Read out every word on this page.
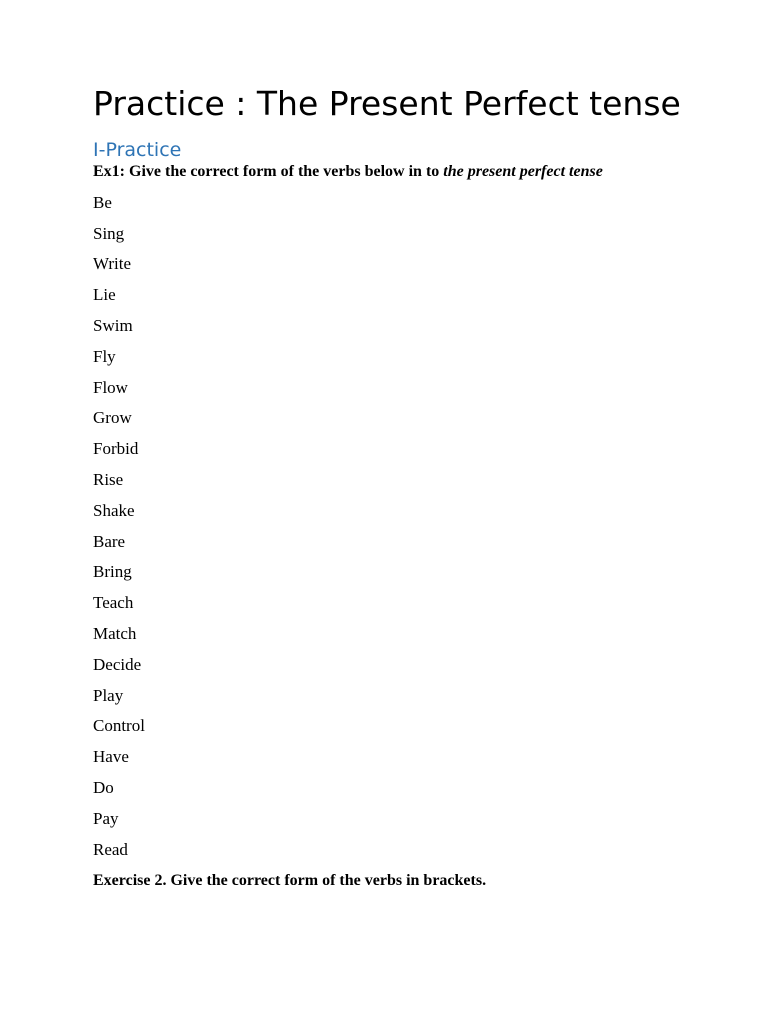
Practice : The Present Perfect tense
I-Practice

Ex1: Give the correct form of the verbs below in to the present perfect tense

Be
Sing
Write
Lie
Swim
Fly
Flow
Grow
Forbid
Rise
Shake
Bare
Bring
Teach
Match
Decide
Play
Control
Have
Do
Pay
Read

Exercise 2. Give the correct form of the verbs in brackets.
